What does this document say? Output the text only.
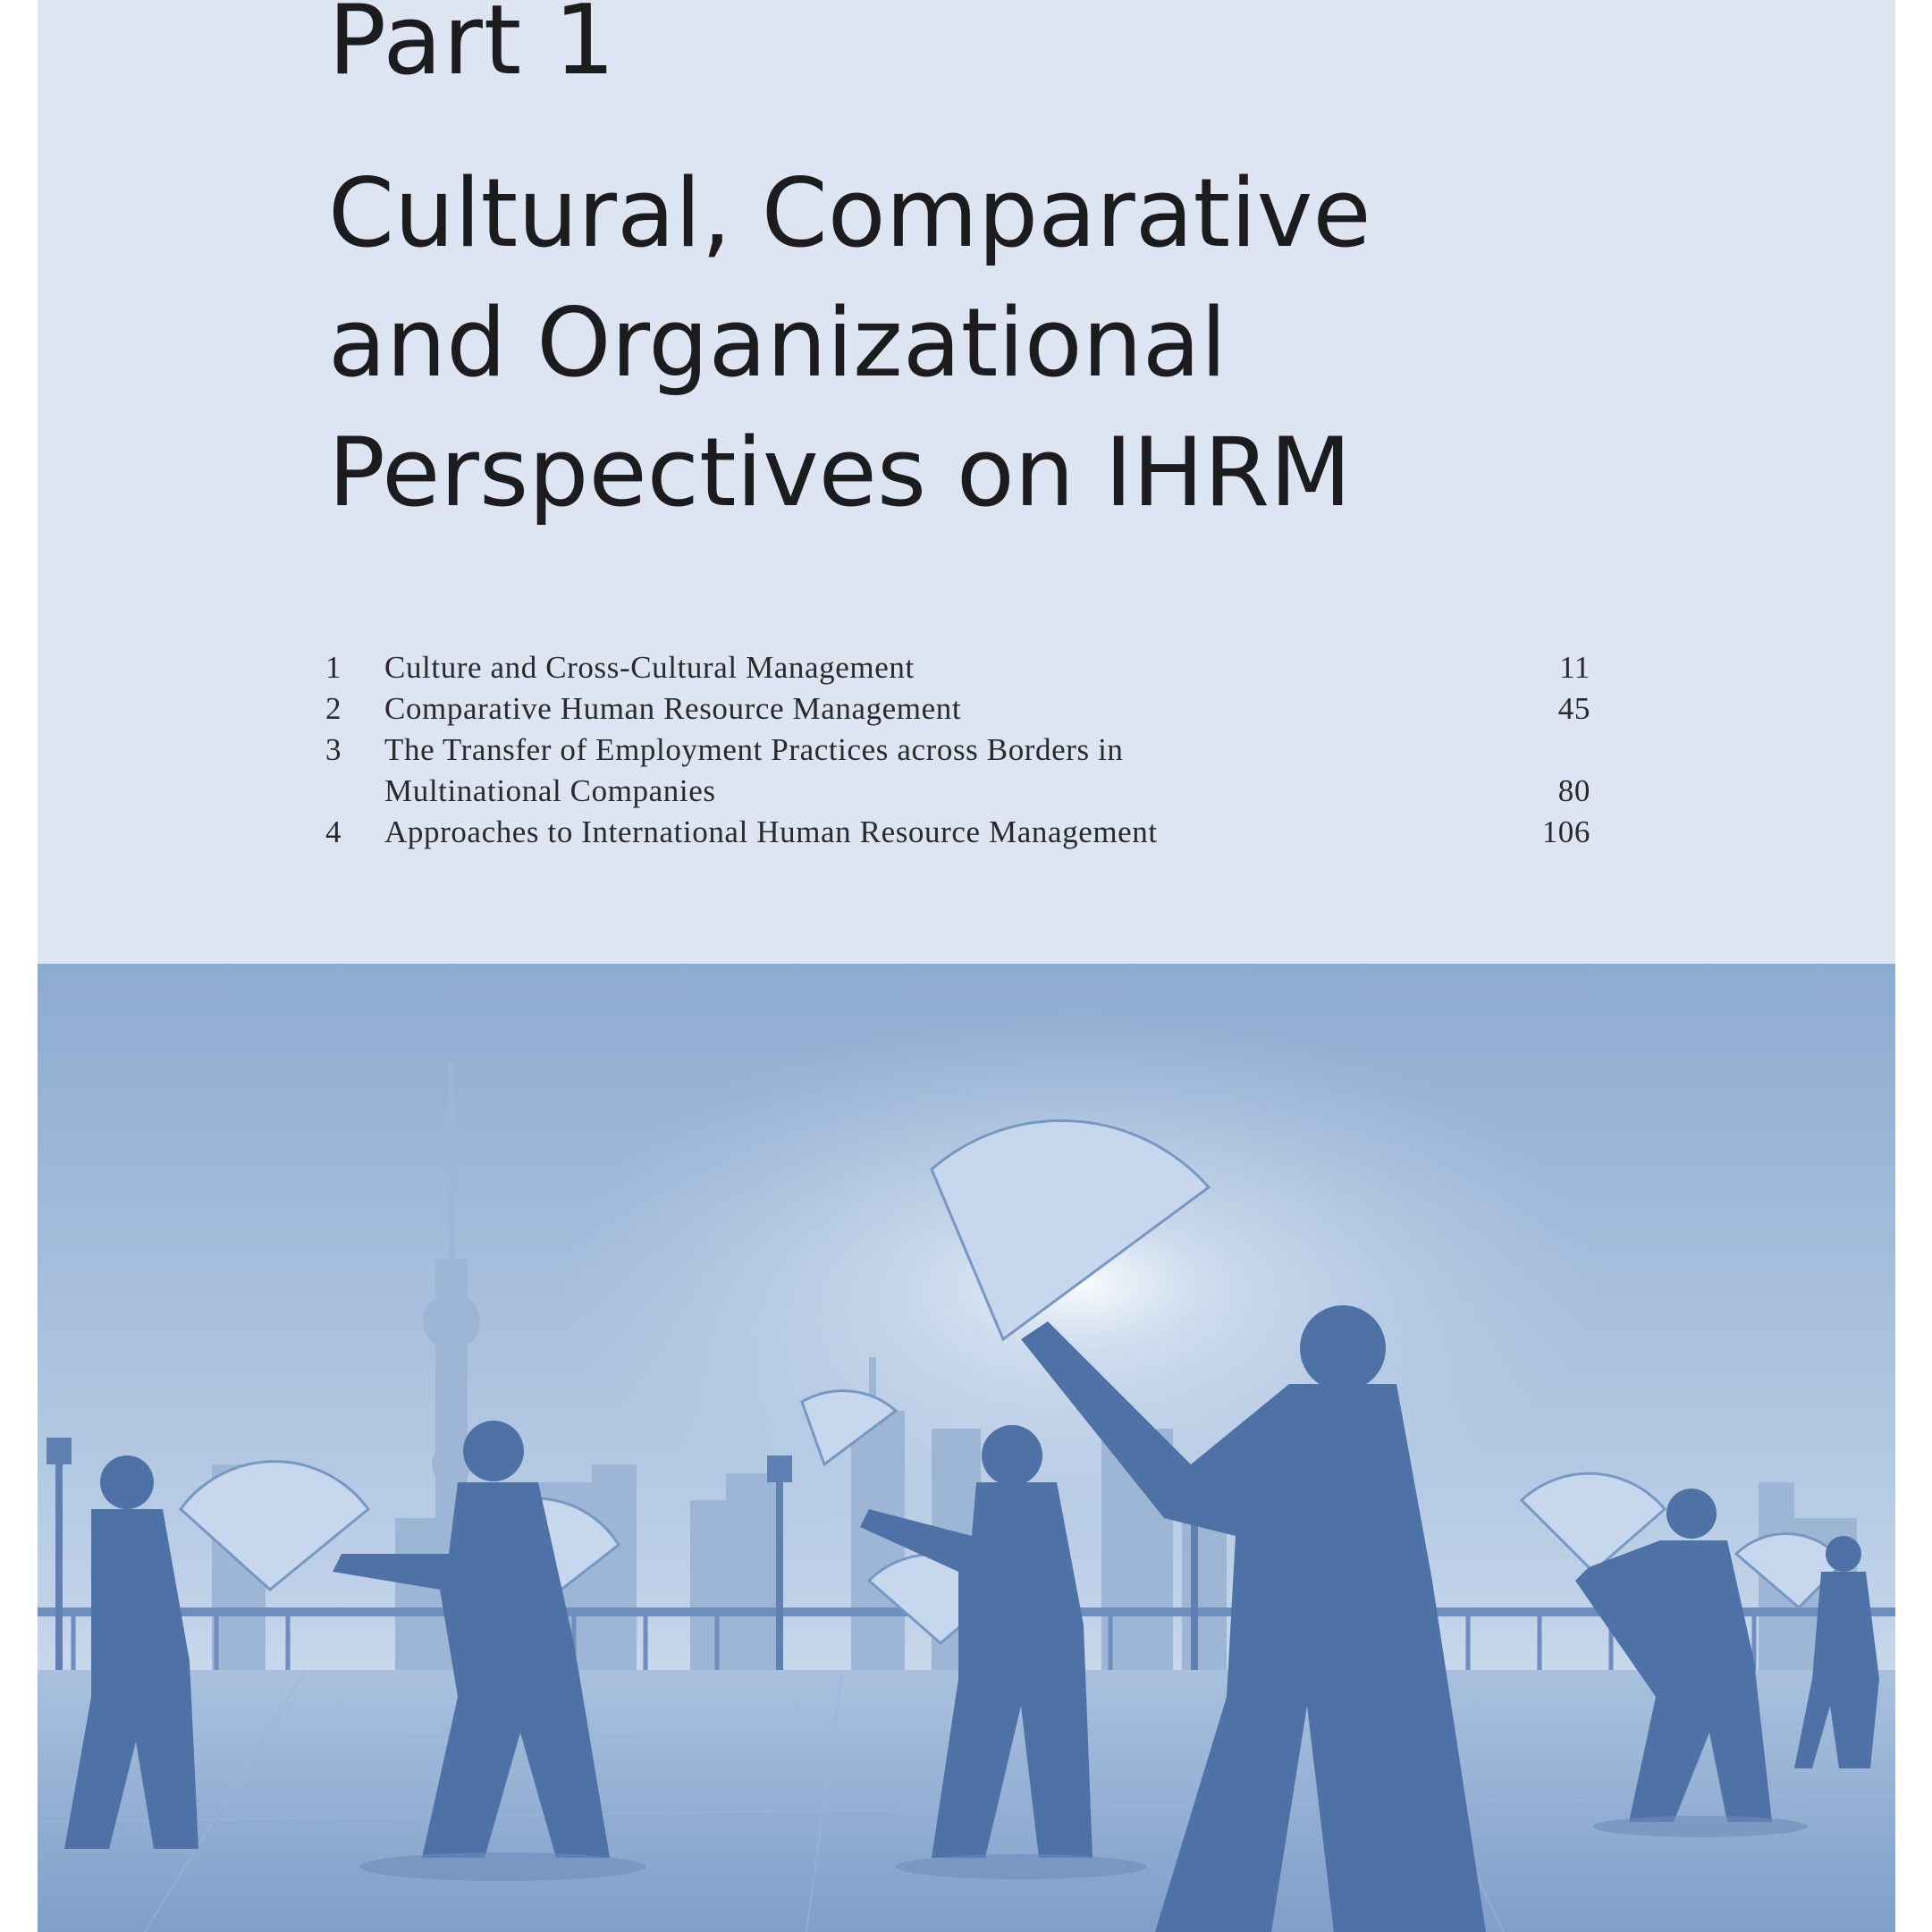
Part 1
Cultural, Comparative
and Organizational
Perspectives on IHRM
1	Culture and Cross-Cultural Management	11
2	Comparative Human Resource Management	45
3	The Transfer of Employment Practices across Borders in
Multinational Companies	80
4	Approaches to International Human Resource Management	106
